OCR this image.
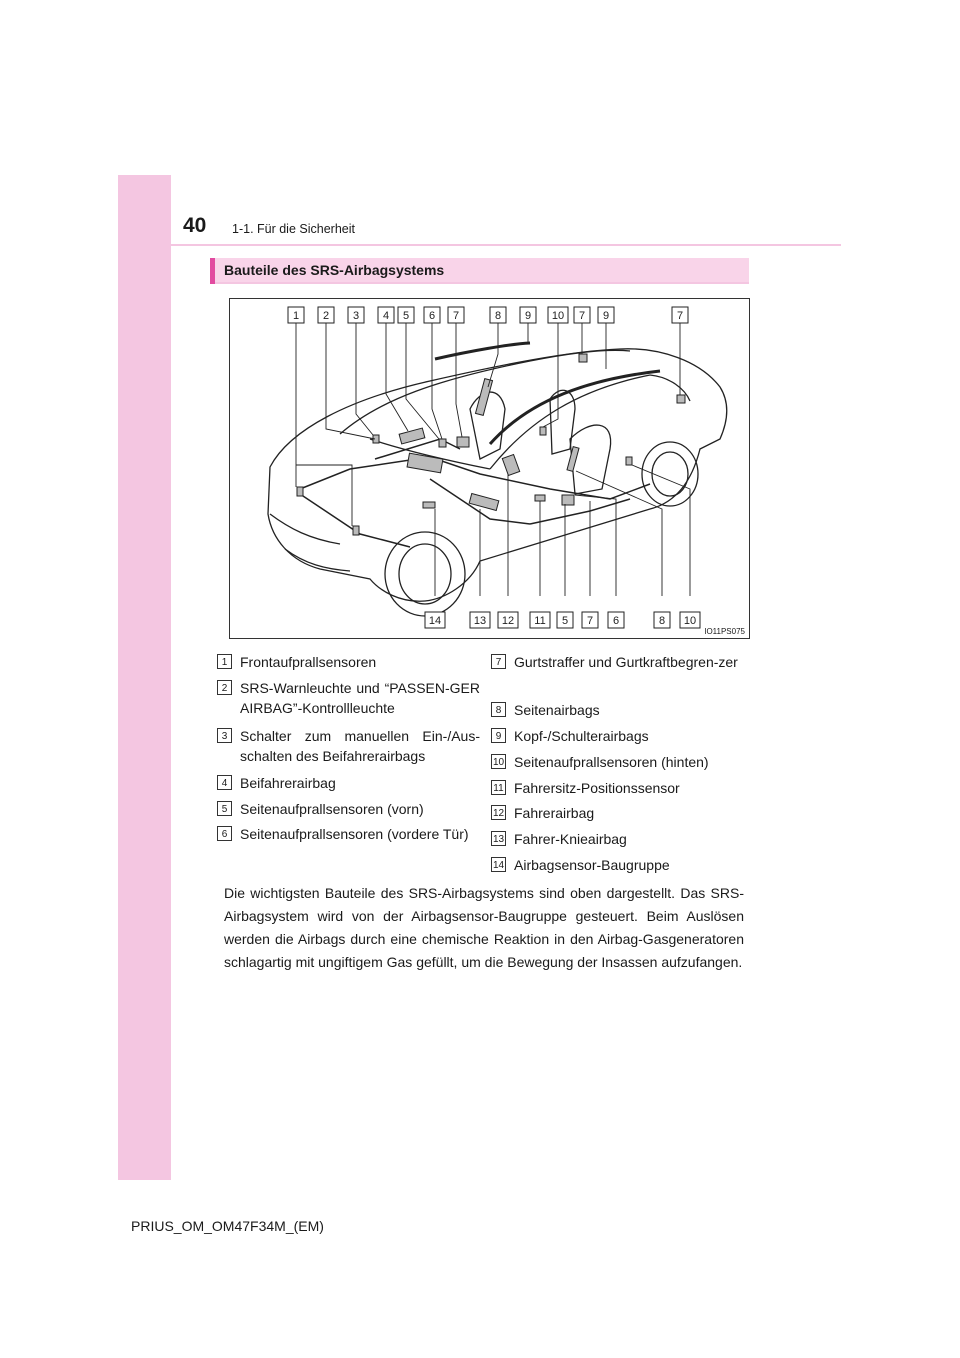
40 1-1. Für die Sicherheit
Bauteile des SRS-Airbagsystems
1 2 3 4 5 6 7	8 9 10 7 9	7
14	13 12 11 5 7 6	8 10
IO11PS075
1 Frontaufprallsensoren
2 SRS-Warnleuchte und “PASSEN-GER AIRBAG”-Kontrollleuchte
3 Schalter zum manuellen Ein-/Aus-schalten des Beifahrerairbags
4 Beifahrerairbag
5 Seitenaufprallsensoren (vorn)
6 Seitenaufprallsensoren (vordere Tür)
7 Gurtstraffer und Gurtkraftbegren-zer
8 Seitenairbags
9 Kopf-/Schulterairbags
10 Seitenaufprallsensoren (hinten)
11 Fahrersitz-Positionssensor
12 Fahrerairbag
13 Fahrer-Knieairbag
14 Airbagsensor-Baugruppe
Die wichtigsten Bauteile des SRS-Airbagsystems sind oben dargestellt. Das SRS-Airbagsystem wird von der Airbagsensor-Baugruppe gesteuert. Beim Auslösen werden die Airbags durch eine chemische Reaktion in den Airbag-Gasgeneratoren schlagartig mit ungiftigem Gas gefüllt, um die Bewegung der Insassen aufzufangen.
PRIUS_OM_OM47F34M_(EM)
